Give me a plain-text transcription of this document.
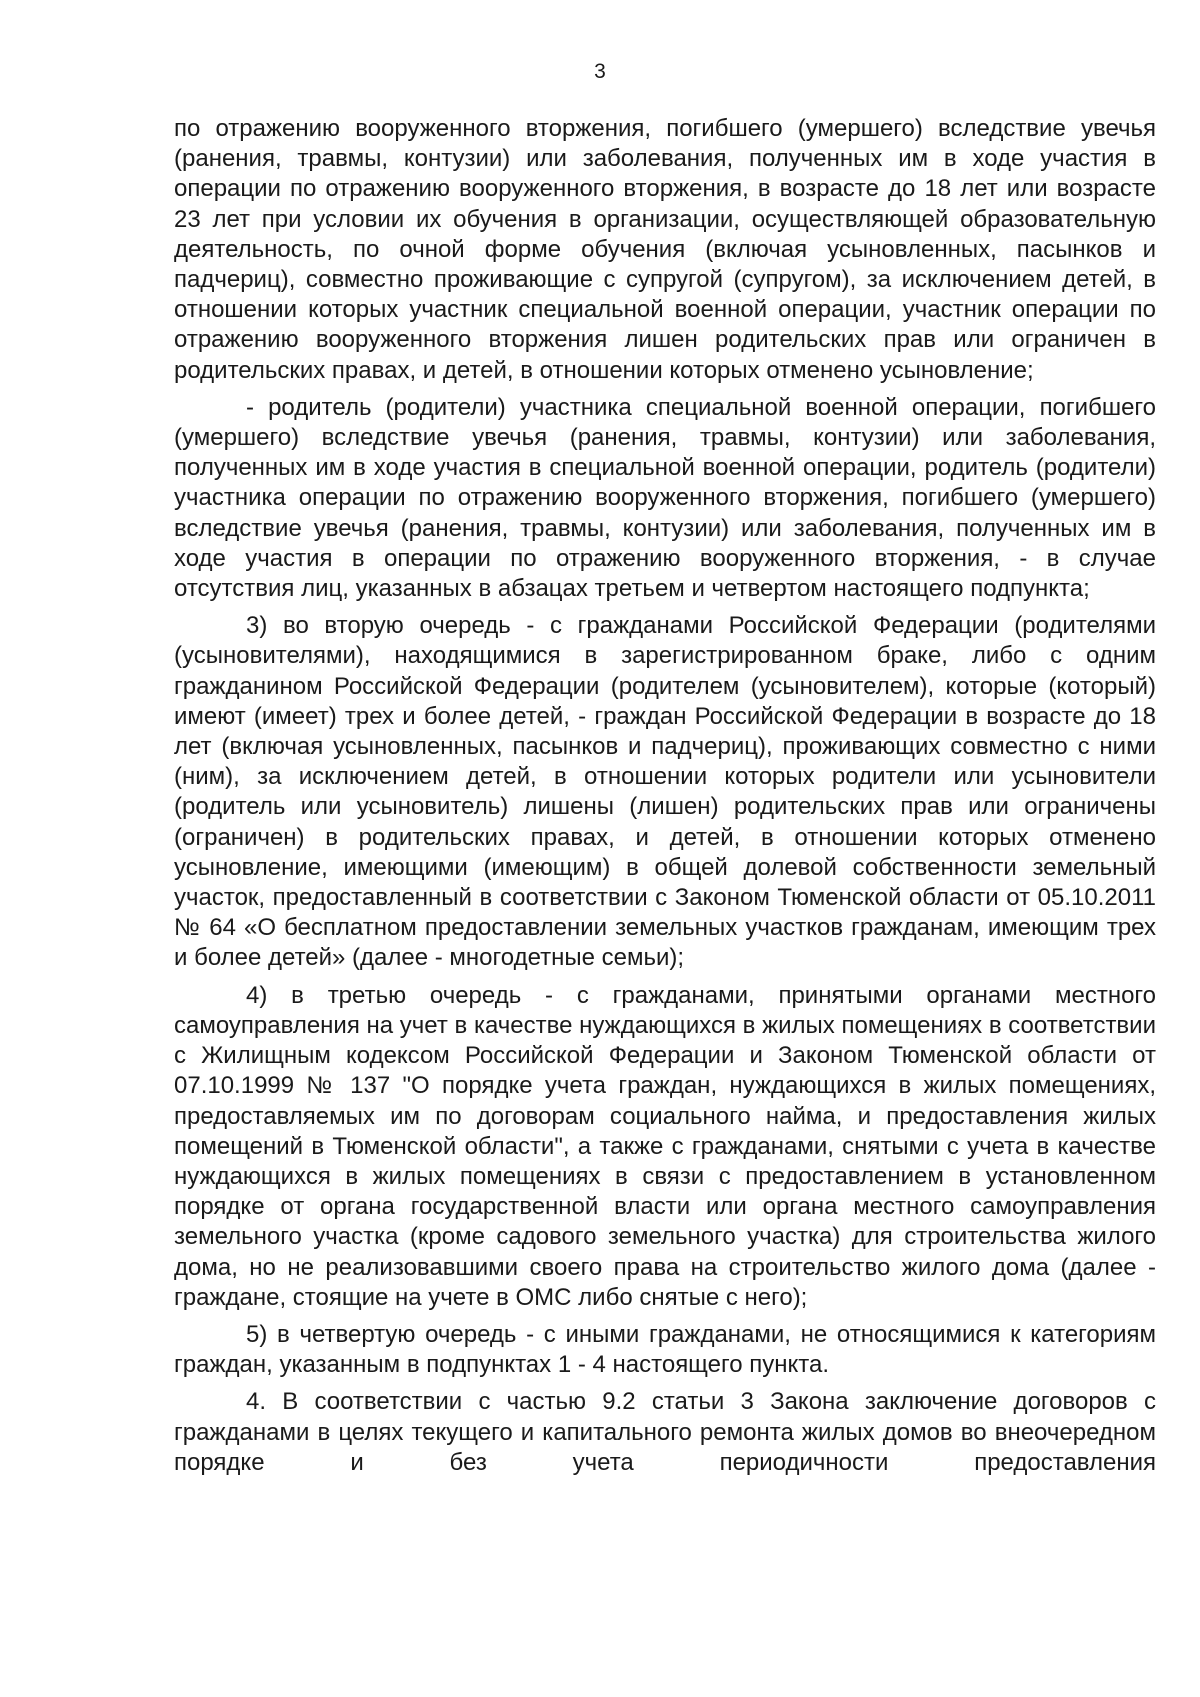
3

по отражению вооруженного вторжения, погибшего (умершего) вследствие увечья (ранения, травмы, контузии) или заболевания, полученных им в ходе участия в операции по отражению вооруженного вторжения, в возрасте до 18 лет или возрасте 23 лет при условии их обучения в организации, осуществляющей образовательную деятельность, по очной форме обучения (включая усыновленных, пасынков и падчериц), совместно проживающие с супругой (супругом), за исключением детей, в отношении которых участник специальной военной операции, участник операции по отражению вооруженного вторжения лишен родительских прав или ограничен в родительских правах, и детей, в отношении которых отменено усыновление;

- родитель (родители) участника специальной военной операции, погибшего (умершего) вследствие увечья (ранения, травмы, контузии) или заболевания, полученных им в ходе участия в специальной военной операции, родитель (родители) участника операции по отражению вооруженного вторжения, погибшего (умершего) вследствие увечья (ранения, травмы, контузии) или заболевания, полученных им в ходе участия в операции по отражению вооруженного вторжения, - в случае отсутствия лиц, указанных в абзацах третьем и четвертом настоящего подпункта;

3) во вторую очередь - с гражданами Российской Федерации (родителями (усыновителями), находящимися в зарегистрированном браке, либо с одним гражданином Российской Федерации (родителем (усыновителем), которые (который) имеют (имеет) трех и более детей, - граждан Российской Федерации в возрасте до 18 лет (включая усыновленных, пасынков и падчериц), проживающих совместно с ними (ним), за исключением детей, в отношении которых родители или усыновители (родитель или усыновитель) лишены (лишен) родительских прав или ограничены (ограничен) в родительских правах, и детей, в отношении которых отменено усыновление, имеющими (имеющим) в общей долевой собственности земельный участок, предоставленный в соответствии с Законом Тюменской области от 05.10.2011 № 64 «О бесплатном предоставлении земельных участков гражданам, имеющим трех и более детей» (далее - многодетные семьи);

4) в третью очередь - с гражданами, принятыми органами местного самоуправления на учет в качестве нуждающихся в жилых помещениях в соответствии с Жилищным кодексом Российской Федерации и Законом Тюменской области от 07.10.1999 № 137 "О порядке учета граждан, нуждающихся в жилых помещениях, предоставляемых им по договорам социального найма, и предоставления жилых помещений в Тюменской области", а также с гражданами, снятыми с учета в качестве нуждающихся в жилых помещениях в связи с предоставлением в установленном порядке от органа государственной власти или органа местного самоуправления земельного участка (кроме садового земельного участка) для строительства жилого дома, но не реализовавшими своего права на строительство жилого дома (далее - граждане, стоящие на учете в ОМС либо снятые с него);

5) в четвертую очередь - с иными гражданами, не относящимися к категориям граждан, указанным в подпунктах 1 - 4 настоящего пункта.

4. В соответствии с частью 9.2 статьи 3 Закона заключение договоров с гражданами в целях текущего и капитального ремонта жилых домов во внеочередном порядке и без учета периодичности предоставления
